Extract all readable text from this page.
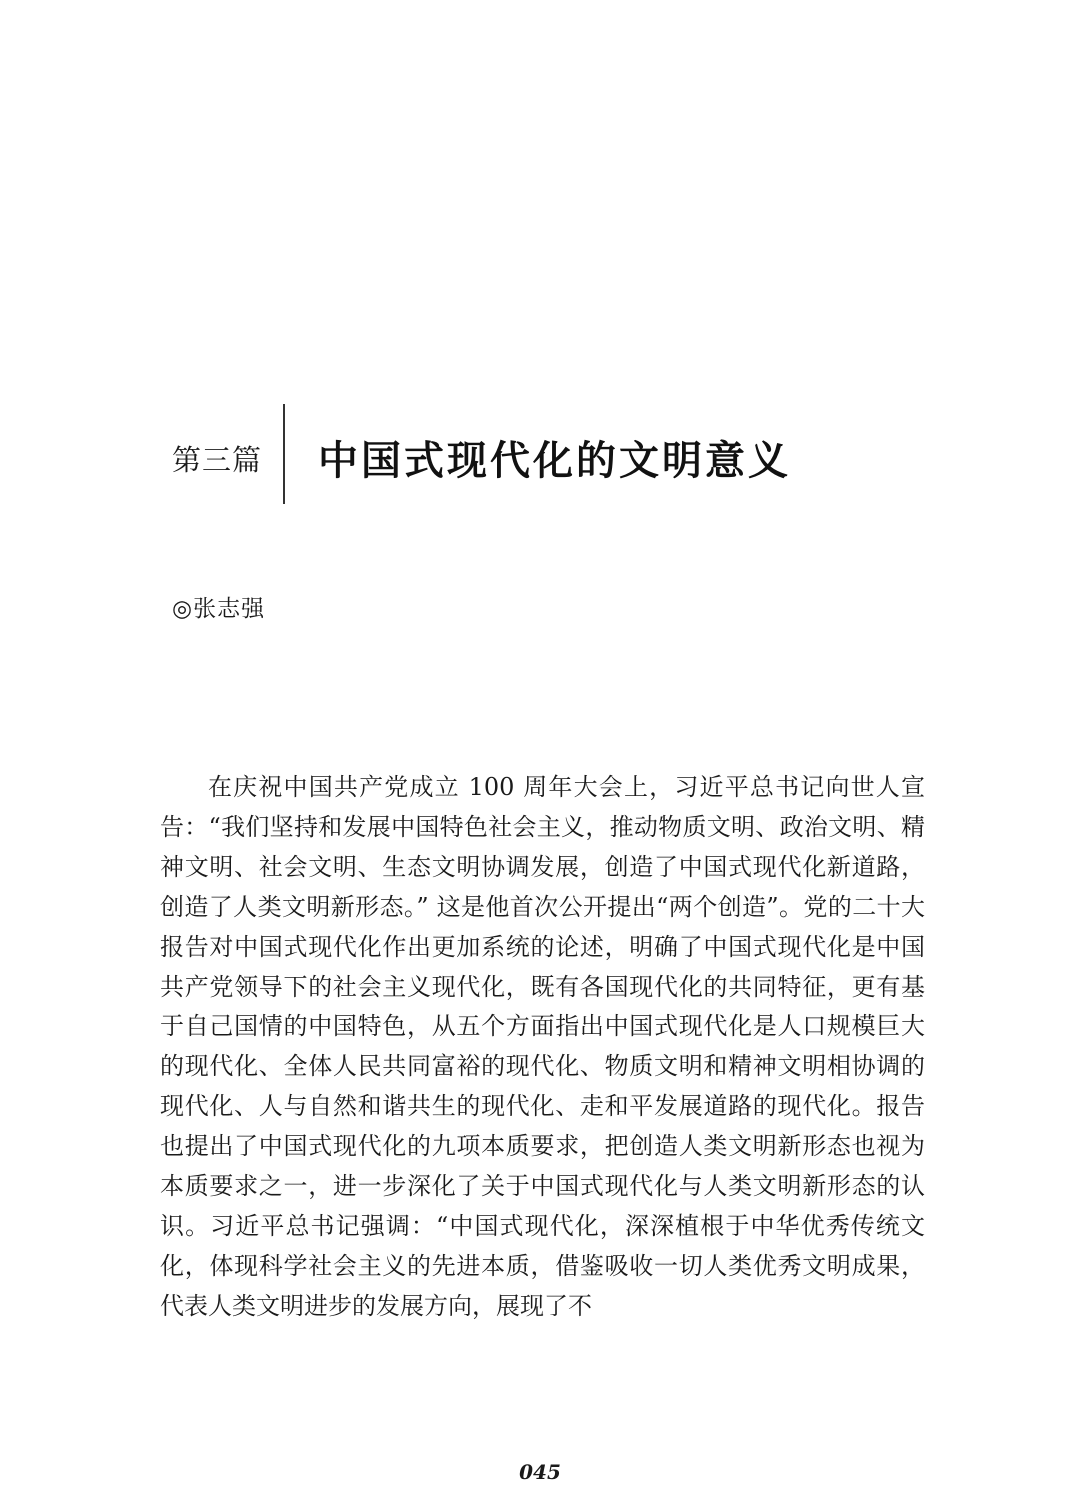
第三篇 中国式现代化的文明意义
◎张志强

在庆祝中国共产党成立 100 周年大会上，习近平总书记向世人宣告：“我们坚持和发展中国特色社会主义，推动物质文明、政治文明、精神文明、社会文明、生态文明协调发展，创造了中国式现代化新道路，创造了人类文明新形态。” 这是他首次公开提出“两个创造”。党的二十大报告对中国式现代化作出更加系统的论述，明确了中国式现代化是中国共产党领导下的社会主义现代化，既有各国现代化的共同特征，更有基于自己国情的中国特色，从五个方面指出中国式现代化是人口规模巨大的现代化、全体人民共同富裕的现代化、物质文明和精神文明相协调的现代化、人与自然和谐共生的现代化、走和平发展道路的现代化。报告也提出了中国式现代化的九项本质要求，把创造人类文明新形态也视为本质要求之一，进一步深化了关于中国式现代化与人类文明新形态的认识。习近平总书记强调：“中国式现代化，深深植根于中华优秀传统文化，体现科学社会主义的先进本质，借鉴吸收一切人类优秀文明成果，代表人类文明进步的发展方向，展现了不

045
